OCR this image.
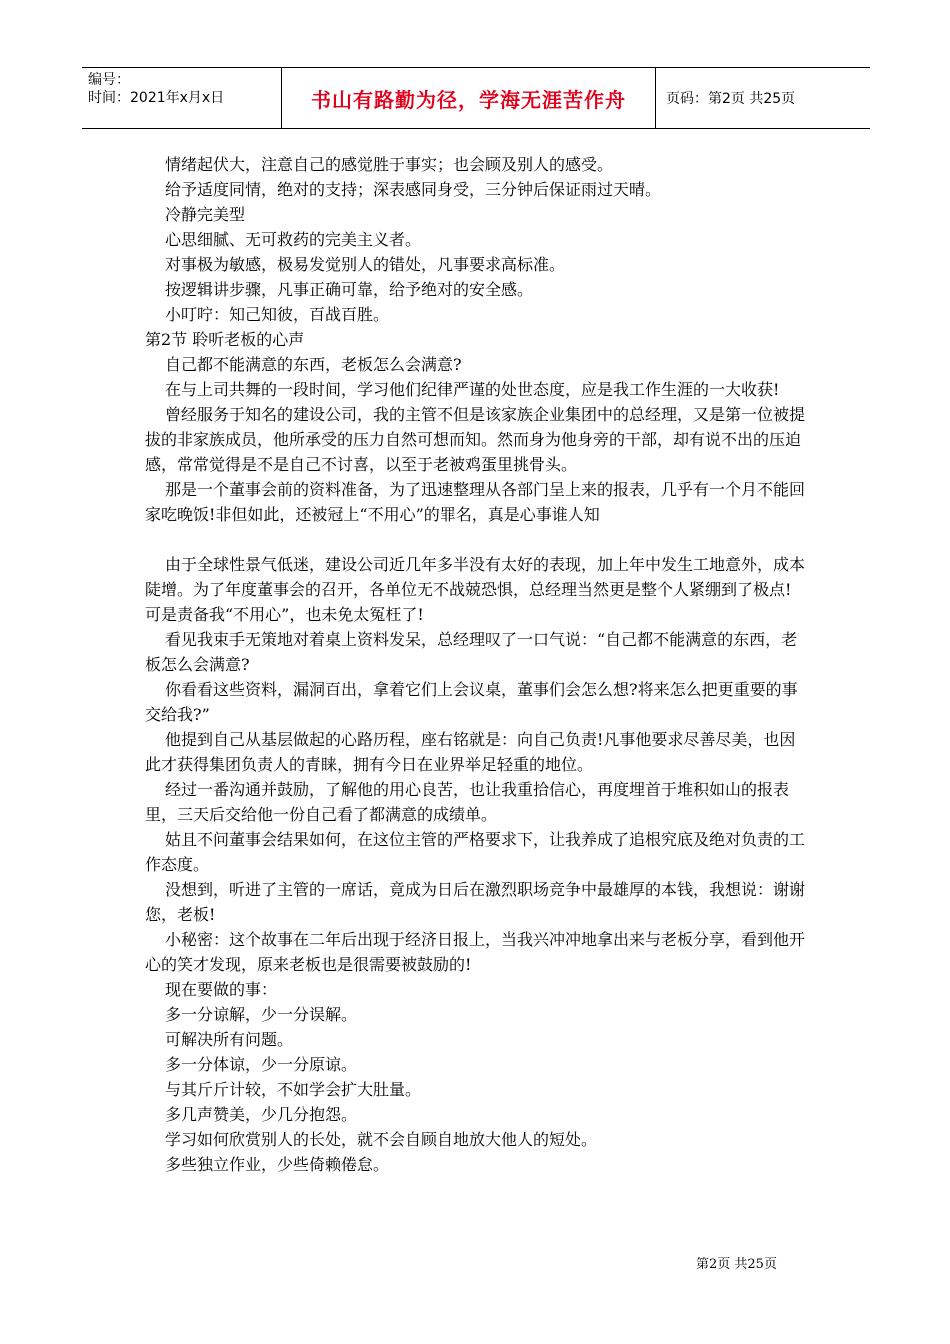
编号：
时间：2021年x月x日	书山有路勤为径，学海无涯苦作舟	页码：第2页 共25页

情绪起伏大，注意自己的感觉胜于事实；也会顾及别人的感受。

给予适度同情，绝对的支持；深表感同身受，三分钟后保证雨过天晴。

冷静完美型

心思细腻、无可救药的完美主义者。

对事极为敏感，极易发觉别人的错处，凡事要求高标准。

按逻辑讲步骤，凡事正确可靠，给予绝对的安全感。

小叮咛：知己知彼，百战百胜。

第2节 聆听老板的心声

自己都不能满意的东西，老板怎么会满意?

在与上司共舞的一段时间，学习他们纪律严谨的处世态度，应是我工作生涯的一大收获!

曾经服务于知名的建设公司，我的主管不但是该家族企业集团中的总经理，又是第一位被提拔的非家族成员，他所承受的压力自然可想而知。然而身为他身旁的干部，却有说不出的压迫感，常常觉得是不是自己不讨喜，以至于老被鸡蛋里挑骨头。

那是一个董事会前的资料准备，为了迅速整理从各部门呈上来的报表，几乎有一个月不能回家吃晚饭!非但如此，还被冠上“不用心”的罪名，真是心事谁人知

由于全球性景气低迷，建设公司近几年多半没有太好的表现，加上年中发生工地意外，成本陡增。为了年度董事会的召开，各单位无不战兢恐惧，总经理当然更是整个人紧绷到了极点!可是责备我“不用心”，也未免太冤枉了!

看见我束手无策地对着桌上资料发呆，总经理叹了一口气说：“自己都不能满意的东西，老板怎么会满意?

你看看这些资料，漏洞百出，拿着它们上会议桌，董事们会怎么想?将来怎么把更重要的事交给我?”

他提到自己从基层做起的心路历程，座右铭就是：向自己负责!凡事他要求尽善尽美，也因此才获得集团负责人的青睐，拥有今日在业界举足轻重的地位。

经过一番沟通并鼓励，了解他的用心良苦，也让我重拾信心，再度埋首于堆积如山的报表里，三天后交给他一份自己看了都满意的成绩单。

姑且不问董事会结果如何，在这位主管的严格要求下，让我养成了追根究底及绝对负责的工作态度。

没想到，听进了主管的一席话，竟成为日后在激烈职场竞争中最雄厚的本钱，我想说：谢谢您，老板!

小秘密：这个故事在二年后出现于经济日报上，当我兴冲冲地拿出来与老板分享，看到他开心的笑才发现，原来老板也是很需要被鼓励的!

现在要做的事：

多一分谅解，少一分误解。

可解决所有问题。

多一分体谅，少一分原谅。

与其斤斤计较，不如学会扩大肚量。

多几声赞美，少几分抱怨。

学习如何欣赏别人的长处，就不会自顾自地放大他人的短处。

多些独立作业，少些倚赖倦怠。

第2页 共25页
